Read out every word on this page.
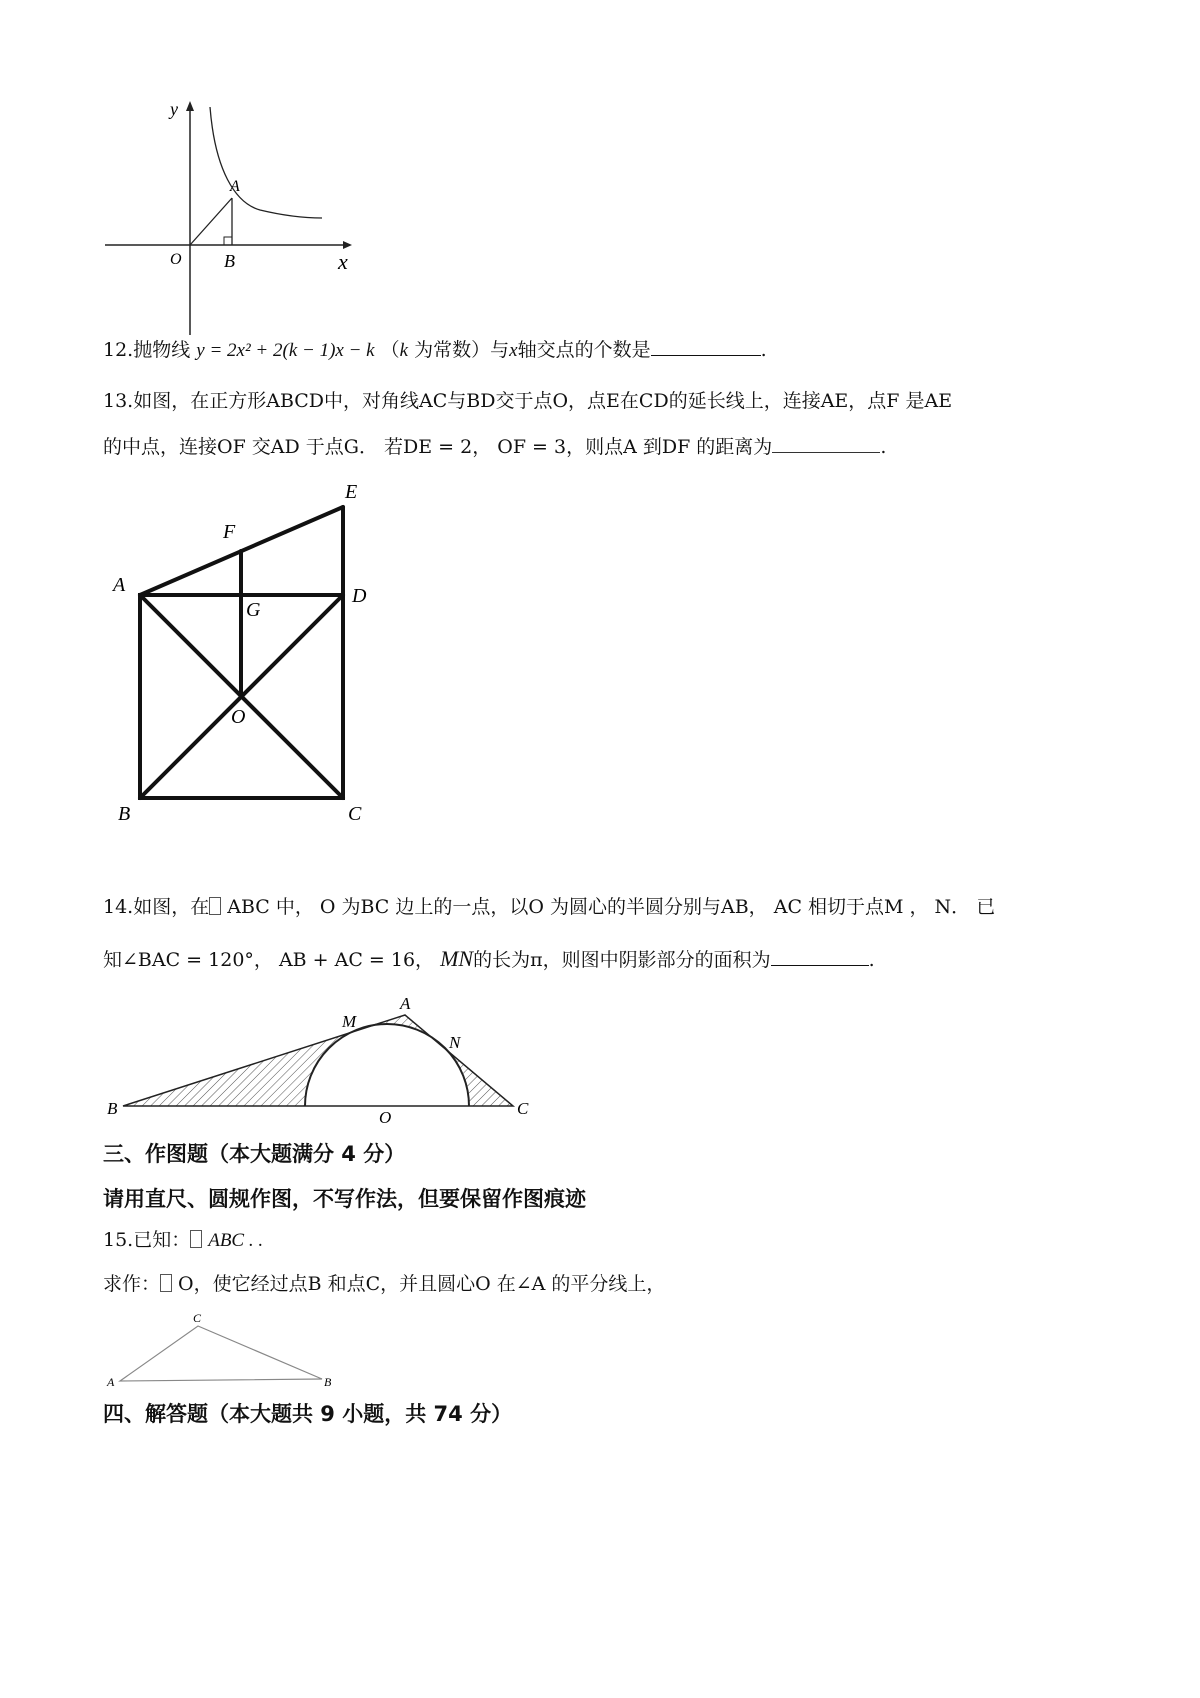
y
A
O B	x
12.抛物线 y = 2x² + 2(k − 1)x − k （k 为常数）与x轴交点的个数是	.
13.如图，在正方形ABCD中，对角线AC与BD交于点O，点E在CD的延长线上，连接AE，点F 是AE
的中点，连接OF 交AD 于点G． 若DE = 2， OF = 3，则点A 到DF 的距离为	.
E
F
A	D
G
O
B	C
14.如图，在 ABC 中， O 为BC 边上的一点，以O 为圆心的半圆分别与AB， AC 相切于点M ， N． 已
知∠BAC = 120°， AB + AC = 16， MN的长为π，则图中阴影部分的面积为	.
M
A
N
B	O	C
三、作图题（本大题满分 4 分）
请用直尺、圆规作图，不写作法，但要保留作图痕迹
15.已知： ABC . .
求作： O，使它经过点B 和点C，并且圆心O 在∠A 的平分线上，
C
A	B
四、解答题（本大题共 9 小题，共 74 分）
